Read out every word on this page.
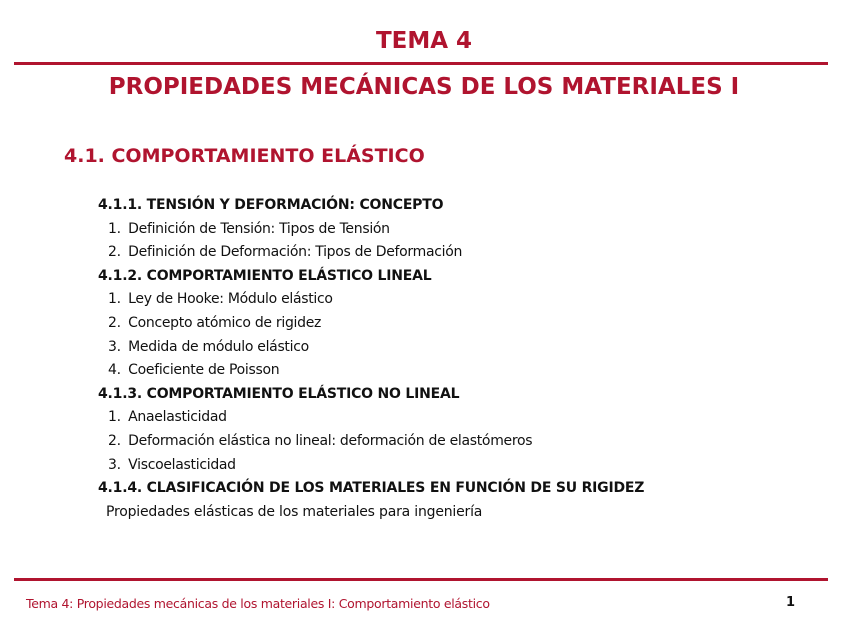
TEMA 4
PROPIEDADES MECÁNICAS DE LOS MATERIALES I
4.1. COMPORTAMIENTO ELÁSTICO
4.1.1. TENSIÓN Y DEFORMACIÓN: CONCEPTO
1. Definición de Tensión: Tipos de Tensión
2. Definición de Deformación: Tipos de Deformación
4.1.2. COMPORTAMIENTO ELÁSTICO LINEAL
1. Ley de Hooke: Módulo elástico
2. Concepto atómico de rigidez
3. Medida de módulo elástico
4. Coeficiente de Poisson
4.1.3. COMPORTAMIENTO ELÁSTICO NO LINEAL
1. Anaelasticidad
2. Deformación elástica no lineal: deformación de elastómeros
3. Viscoelasticidad
4.1.4. CLASIFICACIÓN DE LOS MATERIALES EN FUNCIÓN DE SU RIGIDEZ
Propiedades elásticas de los materiales para ingeniería

Tema 4: Propiedades mecánicas de los materiales I: Comportamiento elástico	1
